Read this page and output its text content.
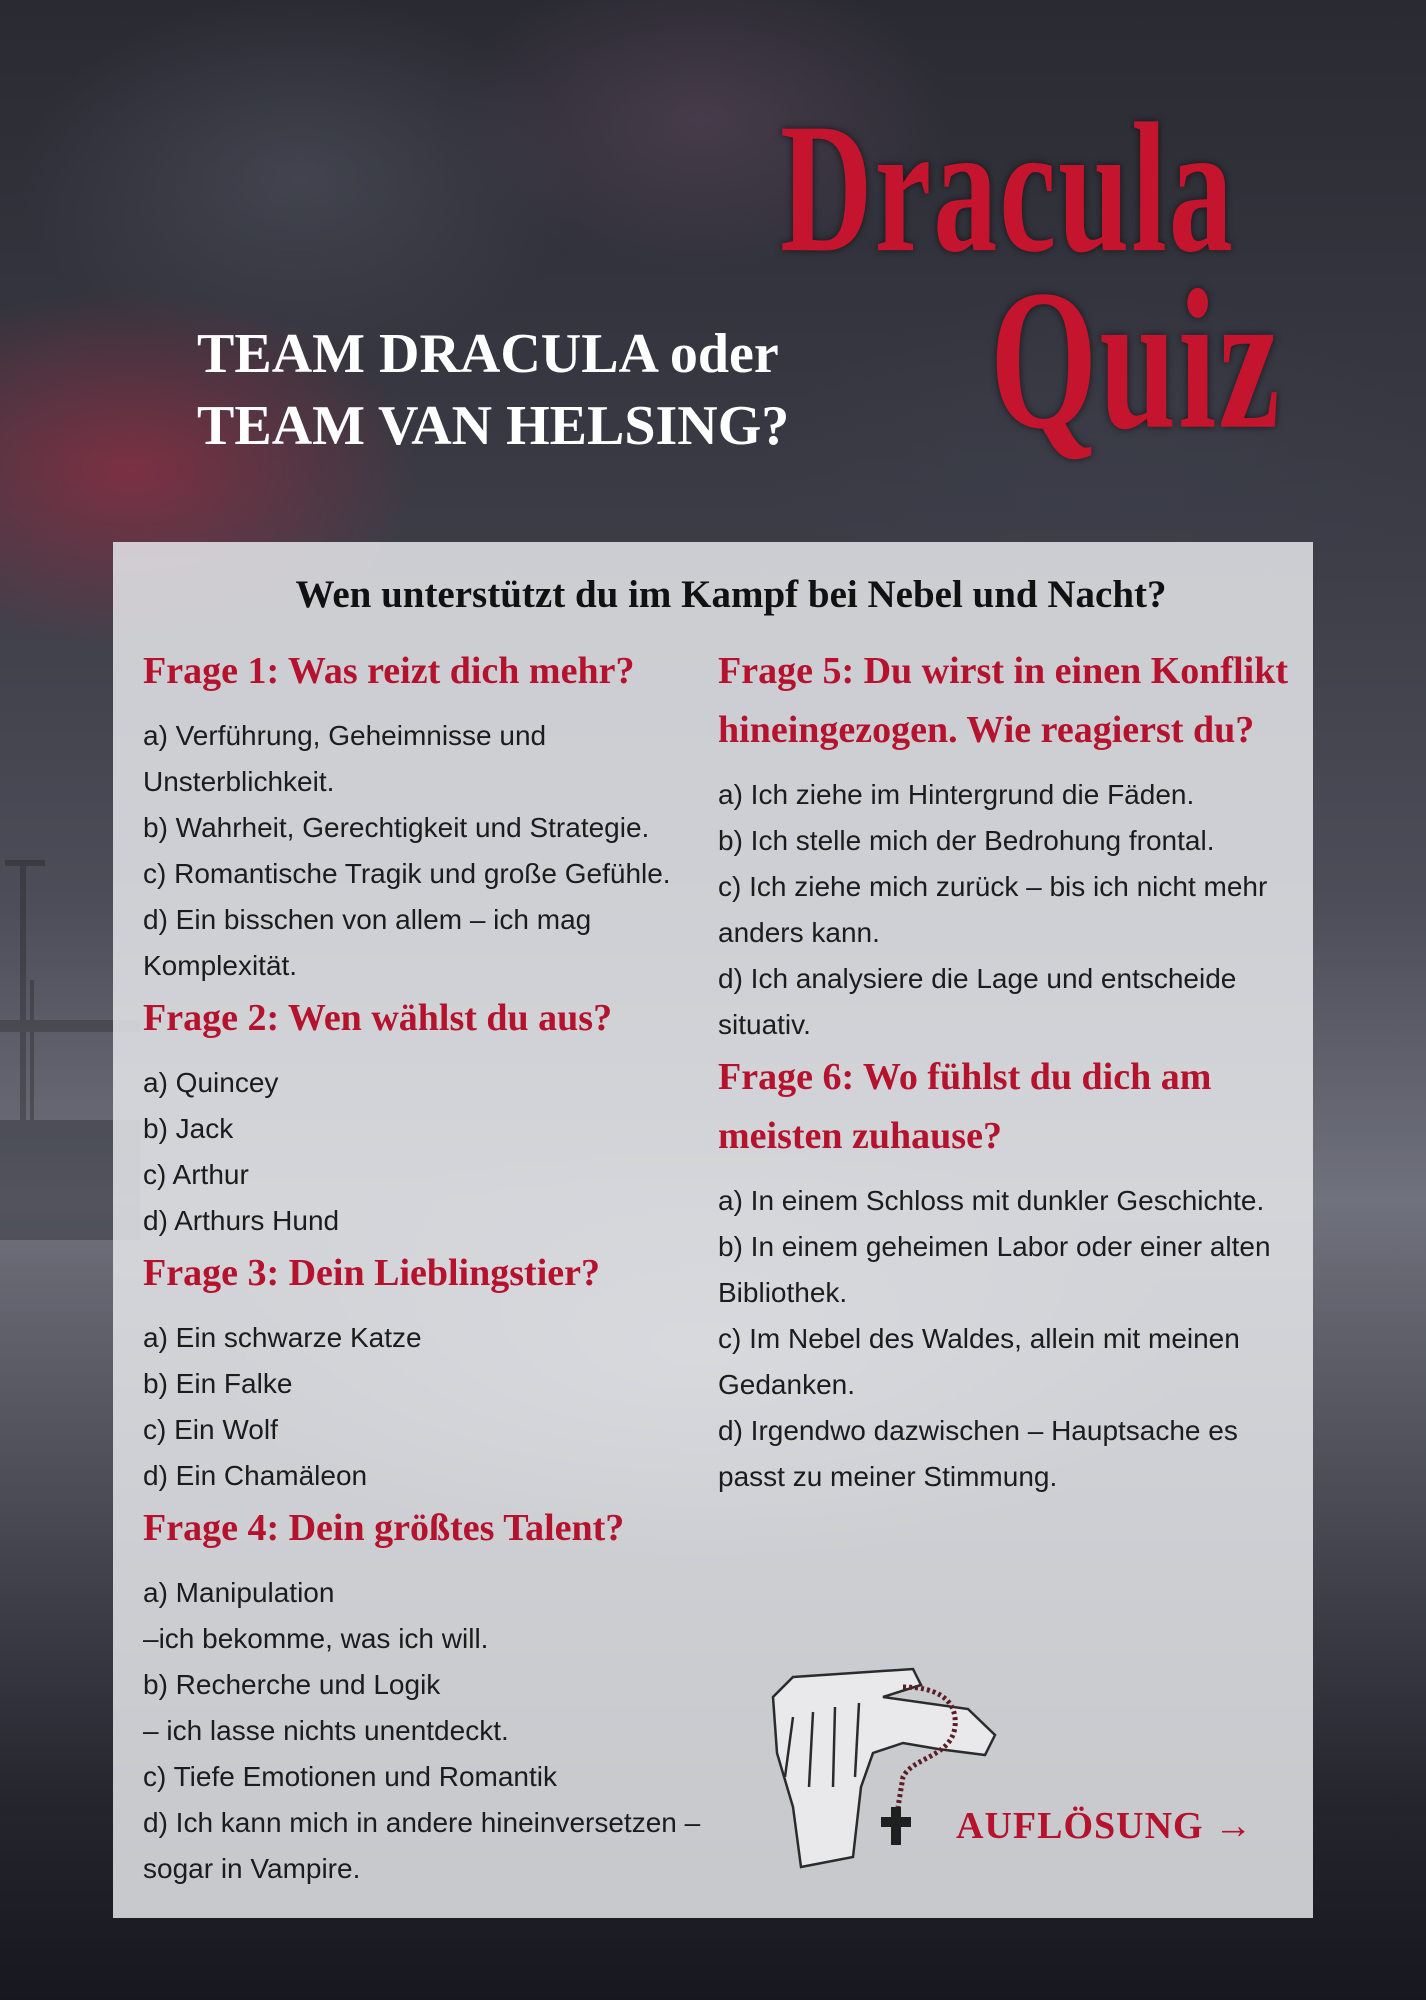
Dracula
Quiz
TEAM DRACULA oder
TEAM VAN HELSING?
Wen unterstützt du im Kampf bei Nebel und Nacht?
Frage 1: Was reizt dich mehr?

a) Verführung, Geheimnisse und Unsterblichkeit.

b) Wahrheit, Gerechtigkeit und Strategie.

c) Romantische Tragik und große Gefühle.

d) Ein bisschen von allem – ich mag Komplexität.

Frage 2: Wen wählst du aus?

a) Quincey

b) Jack

c) Arthur

d) Arthurs Hund

Frage 3: Dein Lieblingstier?

a) Ein schwarze Katze

b) Ein Falke

c) Ein Wolf

d) Ein Chamäleon

Frage 4: Dein größtes Talent?

a) Manipulation

–ich bekomme, was ich will.

b) Recherche und Logik

– ich lasse nichts unentdeckt.

c) Tiefe Emotionen und Romantik

d) Ich kann mich in andere hineinversetzen –  sogar in Vampire.

Frage 5: Du wirst in einen Konflikt hineingezogen. Wie reagierst du?

a) Ich ziehe im Hintergrund die Fäden.

b) Ich stelle mich der Bedrohung frontal.

c) Ich ziehe mich zurück – bis ich nicht mehr anders kann.

d) Ich analysiere die Lage und entscheide situativ.

Frage 6: Wo fühlst du dich am meisten zuhause?

a) In einem Schloss mit dunkler Geschichte.

b) In einem geheimen Labor oder einer alten Bibliothek.

c) Im Nebel des Waldes, allein mit meinen Gedanken.

d) Irgendwo dazwischen – Hauptsache es passt zu meiner Stimmung.

AUFLÖSUNG →
